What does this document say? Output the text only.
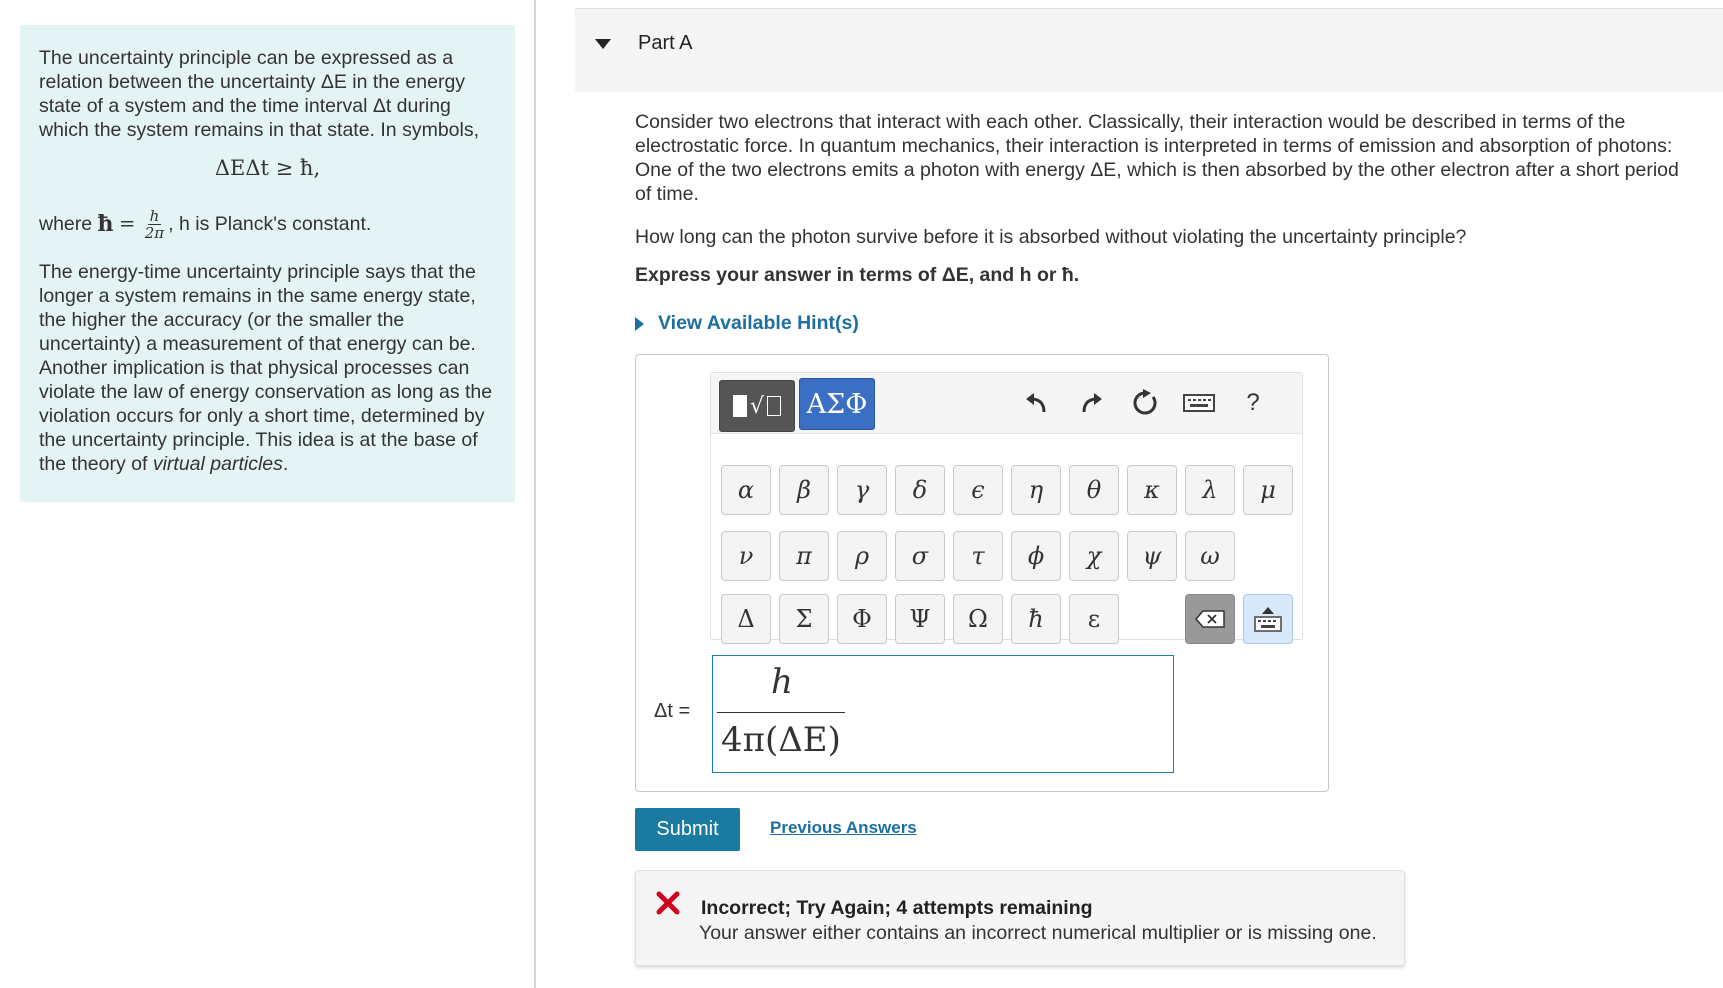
The uncertainty principle can be expressed as a relation between the uncertainty ΔE in the energy state of a system and the time interval Δt during which the system remains in that state. In symbols,

ΔEΔt ≥ ħ,

where
ħ
=
$\frac{h}{2\pi}$ , h is Planck's constant.

The energy-time uncertainty principle says that the longer a system remains in the same energy state, the higher the accuracy (or the smaller the uncertainty) a measurement of that energy can be. Another implication is that physical processes can violate the law of energy conservation as long as the violation occurs for only a short time, determined by the uncertainty principle. This idea is at the base of the theory of virtual particles.

Part A

Consider two electrons that interact with each other. Classically, their interaction would be described in terms of the electrostatic force. In quantum mechanics, their interaction is interpreted in terms of emission and absorption of photons: One of the two electrons emits a photon with energy ΔE, which is then absorbed by the other electron after a short period of time.

How long can the photon survive before it is absorbed without violating the uncertainty principle?
Express your answer in terms of ΔE, and h or ħ.
View Available Hint(s)
√ ΑΣΦ	?
α	β	γ	δ	ϵ	η	θ	κ	λ	μ
ν	π	ρ	σ	τ	ϕ	χ	ψ	ω
Δ	Σ	Φ	Ψ	Ω	ħ	ε
Δt =
h
4π(ΔE)
Submit	Previous Answers
Incorrect; Try Again; 4 attempts remaining
Your answer either contains an incorrect numerical multiplier or is missing one.
